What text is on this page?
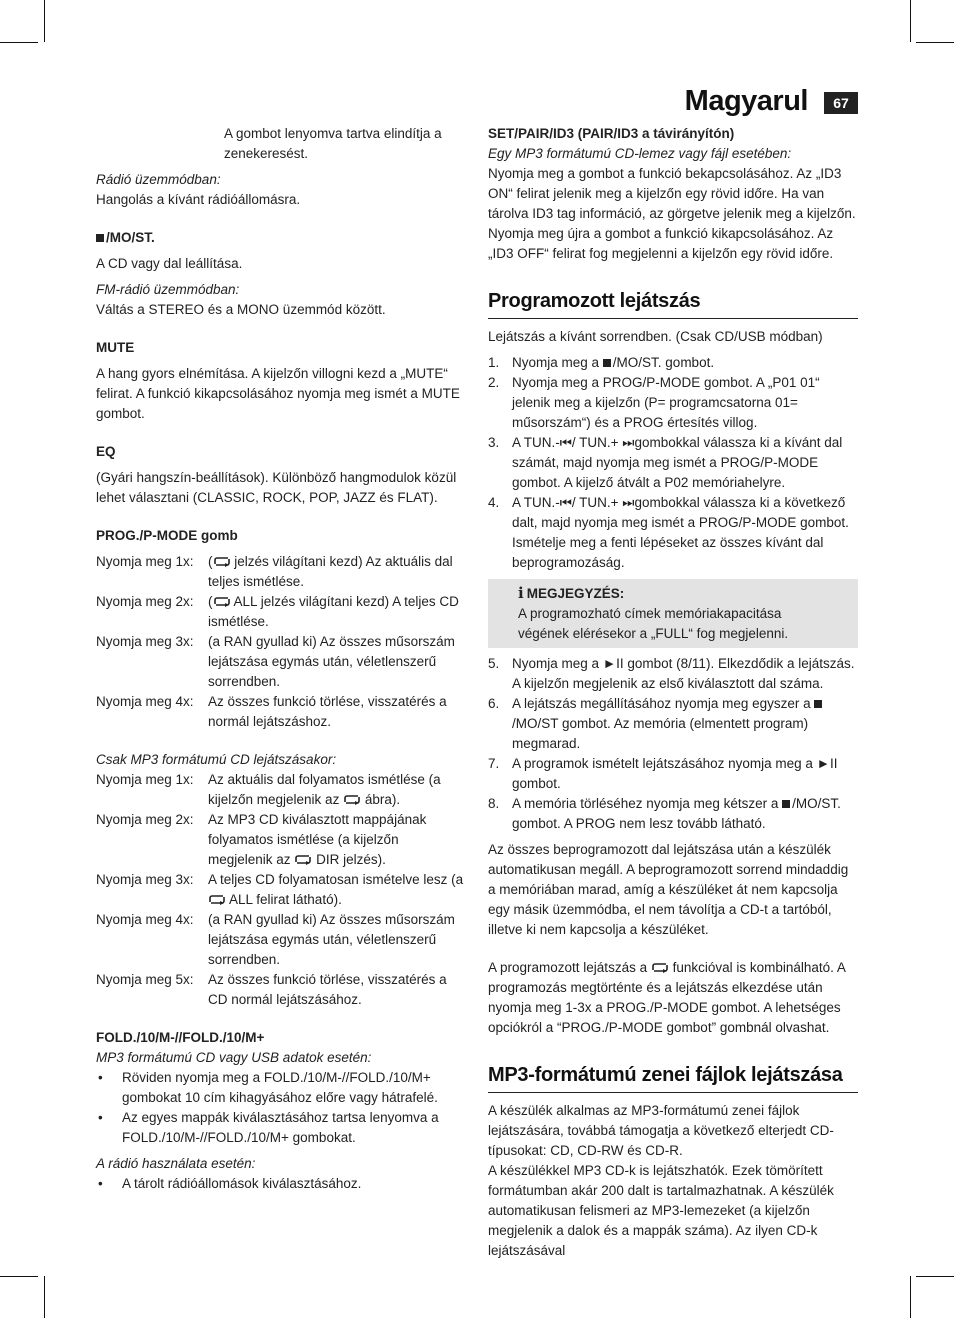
Magyarul	67

A gombot lenyomva tartva elindítja a zenekeresést.

Rádió üzemmódban:

Hangolás a kívánt rádióállomásra.

/MO/ST.

A CD vagy dal leállítása.

FM-rádió üzemmódban:

Váltás a STEREO és a MONO üzemmód között.

MUTE

A hang gyors elnémítása. A kijelzőn villogni kezd a „MUTE“ felirat. A funkció kikapcsolásához nyomja meg ismét a MUTE gombot.

EQ

(Gyári hangszín-beállítások). Különböző hangmodulok közül lehet választani (CLASSIC, ROCK, POP, JAZZ és FLAT).

PROG./P-MODE gomb

Nyomja meg 1x:	( jelzés világítani kezd) Az aktuális dal teljes ismétlése.
Nyomja meg 2x:	( ALL jelzés világítani kezd) A teljes CD ismétlése.
Nyomja meg 3x:	(a RAN gyullad ki) Az összes műsorszám lejátszása egymás után, véletlenszerű sorrendben.
Nyomja meg 4x:	Az összes funkció törlése, visszatérés a normál lejátszáshoz.

Csak MP3 formátumú CD lejátszásakor:

Nyomja meg 1x:	Az aktuális dal folyamatos ismétlése (a kijelzőn megjelenik az  ábra).
Nyomja meg 2x:	Az MP3 CD kiválasztott mappájának folyamatos ismétlése (a kijelzőn megjelenik az  DIR jelzés).
Nyomja meg 3x:	A teljes CD folyamatosan ismételve lesz (a  ALL felirat látható).
Nyomja meg 4x:	(a RAN gyullad ki) Az összes műsorszám lejátszása egymás után, véletlenszerű sorrendben.
Nyomja meg 5x:	Az összes funkció törlése, visszatérés a CD normál lejátszásához.

FOLD./10/M-//FOLD./10/M+

MP3 formátumú CD vagy USB adatok esetén:

•	Röviden nyomja meg a FOLD./10/M-//FOLD./10/M+ gombokat 10 cím kihagyásához előre vagy hátrafelé.
•	Az egyes mappák kiválasztásához tartsa lenyomva a FOLD./10/M-//FOLD./10/M+ gombokat.

A rádió használata esetén:

•	A tárolt rádióállomások kiválasztásához.

SET/PAIR/ID3 (PAIR/ID3 a távirányítón)

Egy MP3 formátumú CD-lemez vagy fájl esetében:

Nyomja meg a gombot a funkció bekapcsolásához. Az „ID3 ON“ felirat jelenik meg a kijelzőn egy rövid időre. Ha van tárolva ID3 tag információ, az görgetve jelenik meg a kijelzőn. Nyomja meg újra a gombot a funkció kikapcsolásához. Az „ID3 OFF“ felirat fog megjelenni a kijelzőn egy rövid időre.

Programozott lejátszás

Lejátszás a kívánt sorrendben. (Csak CD/USB módban)

1. Nyomja meg a /MO/ST. gombot.
2. Nyomja meg a PROG/P-MODE gombot. A „P01 01“ jelenik meg a kijelzőn (P= programcsatorna 01= műsorszám“) és a PROG értesítés villog.
3. A TUN.-⏮/ TUN.+ ⏭gombokkal válassza ki a kívánt dal számát, majd nyomja meg ismét a PROG/P-MODE gombot. A kijelző átvált a P02 memóriahelyre.
4. A TUN.-⏮/ TUN.+ ⏭gombokkal válassza ki a következő dalt, majd nyomja meg ismét a PROG/P-MODE gombot. Ismételje meg a fenti lépéseket az összes kívánt dal beprogramozáság.

i MEGJEGYZÉS:

A programozható címek memóriakapacitása végének elérésekor a „FULL“ fog megjelenni.

5. Nyomja meg a ►II gombot (8/11). Elkezdődik a lejátszás. A kijelzőn megjelenik az első kiválasztott dal száma.
6. A lejátszás megállításához nyomja meg egyszer a /MO/ST gombot. Az memória (elmentett program) megmarad.
7. A programok ismételt lejátszásához nyomja meg a ►II gombot.
8. A memória törléséhez nyomja meg kétszer a /MO/ST. gombot. A PROG nem lesz tovább látható.

Az összes beprogramozott dal lejátszása után a készülék automatikusan megáll. A beprogramozott sorrend mindaddig a memóriában marad, amíg a készüléket át nem kapcsolja egy másik üzemmódba, el nem távolítja a CD-t a tartóból, illetve ki nem kapcsolja a készüléket.

A programozott lejátszás a  funkcióval is kombinálható. A programozás megtörténte és a lejátszás elkezdése után nyomja meg 1-3x a PROG./P-MODE gombot. A lehetséges opciókról a “PROG./P-MODE gombot” gombnál olvashat.

MP3-formátumú zenei fájlok lejátszása

A készülék alkalmas az MP3-formátumú zenei fájlok lejátszására, továbbá támogatja a következő elterjedt CD-típusokat: CD, CD-RW és CD-R.

A készülékkel MP3 CD-k is lejátszhatók. Ezek tömörített formátumban akár 200 dalt is tartalmazhatnak. A készülék automatikusan felismeri az MP3-lemezeket (a kijelzőn megjelenik a dalok és a mappák száma). Az ilyen CD-k lejátszásával
